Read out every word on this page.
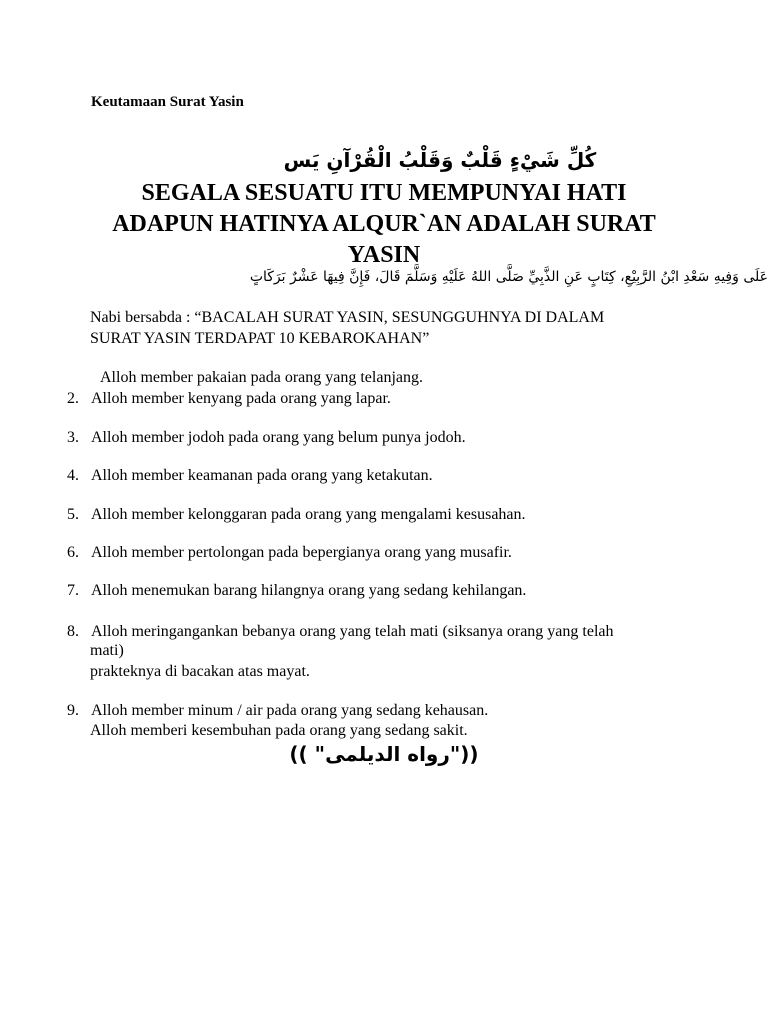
Keutamaan Surat Yasin
كُلِّ شَيْءٍ قَلْبٌ وَقَلْبُ الْقُرْآنِ يَس
SEGALA SESUATU ITU MEMPUNYAI HATI
ADAPUN HATINYA ALQUR`AN ADALAH SURAT
YASIN
عَلَى وَفِيهِ سَعْدِ ابْنُ الرَّبِيْعِ، كِتَابٍ عَنِ الذَّبِيِّ صَلَّى اللهُ عَلَيْهِ وَسَلَّمَ قَالَ، فَإِنَّ فِيهَا عَشْرٌ بَرَكَاتٍ
Nabi bersabda : “BACALAH SURAT YASIN, SESUNGGUHNYA DI DALAM
SURAT YASIN TERDAPAT 10 KEBAROKAHAN”
Alloh member pakaian pada orang yang telanjang.
2. Alloh member kenyang pada orang yang lapar.
3. Alloh member jodoh pada orang yang belum punya jodoh.
4. Alloh member keamanan pada orang yang ketakutan.
5. Alloh member kelonggaran pada orang yang mengalami kesusahan.
6. Alloh member pertolongan pada bepergianya orang yang musafir.
7. Alloh menemukan barang hilangnya orang yang sedang kehilangan.
8. Alloh meringangankan bebanya orang yang telah mati (siksanya orang yang telah
mati)
prakteknya di bacakan atas mayat.
9. Alloh member minum / air pada orang yang sedang kehausan.
Alloh memberi kesembuhan pada orang yang sedang sakit.
(("رواه الديلمى" ))
